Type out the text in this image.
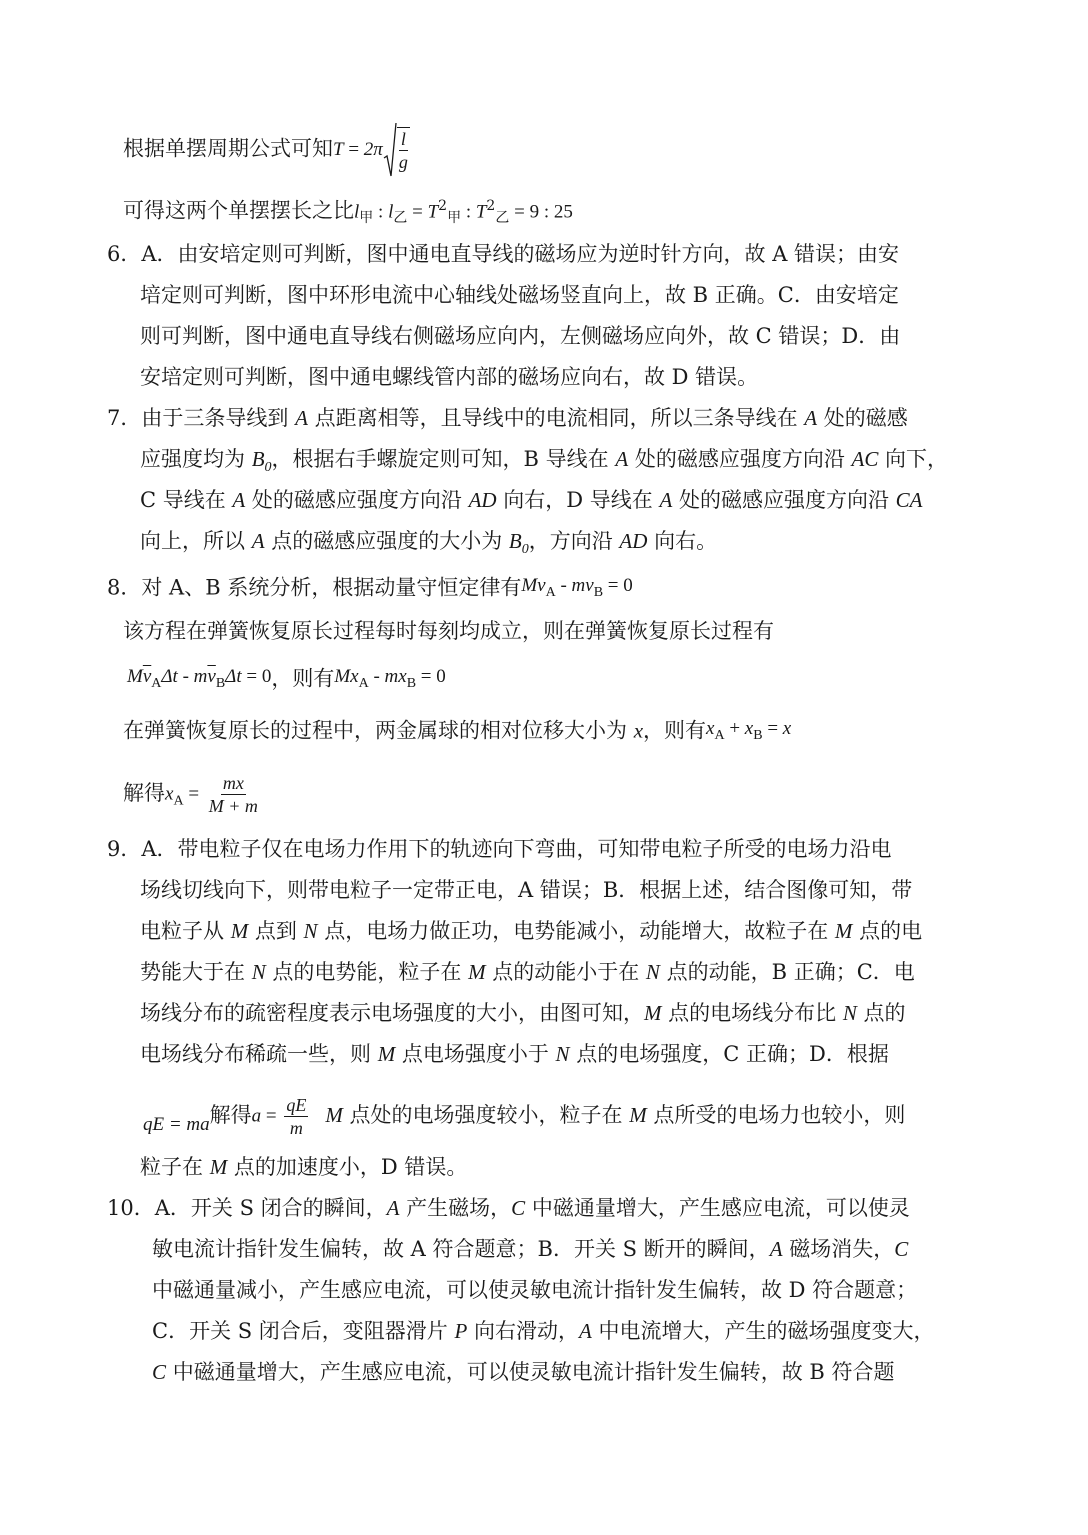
根据单摆周期公式可知$T = 2\pi \frac{l}{g}$
可得这两个单摆摆长之比$l_甲$ : $l_乙 = T^2_甲$ : $T^2_乙 = 9$ : 25
6．A．由安培定则可判断，图中通电直导线的磁场应为逆时针方向，故 A 错误；由安
培定则可判断，图中环形电流中心轴线处磁场竖直向上，故 B 正确。C．由安培定
则可判断，图中通电直导线右侧磁场应向内，左侧磁场应向外，故 C 错误；D．由
安培定则可判断，图中通电螺线管内部的磁场应向右，故 D 错误。
7．由于三条导线到 A 点距离相等，且导线中的电流相同，所以三条导线在 A 处的磁感
应强度均为 $B_0$，根据右手螺旋定则可知，B 导线在 A 处的磁感应强度方向沿 AC 向下，
C 导线在 A 处的磁感应强度方向沿 AD 向右，D 导线在 A 处的磁感应强度方向沿 CA
向上，所以 A 点的磁感应强度的大小为 $B_0$，方向沿 AD 向右。
8．对 A、B 系统分析，根据动量守恒定律有$Mv_A - mv_B = 0$
该方程在弹簧恢复原长过程每时每刻均成立，则在弹簧恢复原长过程有
$M\overline{v}_A\Delta t - m\overline{v}_B\Delta t = 0$，则有$Mx_A - mx_B = 0$
在弹簧恢复原长的过程中，两金属球的相对位移大小为 x，则有$x_A + x_B = x$
解得$x_A = \frac{mx}{M + m}$
9．A．带电粒子仅在电场力作用下的轨迹向下弯曲，可知带电粒子所受的电场力沿电
场线切线向下，则带电粒子一定带正电，A 错误；B．根据上述，结合图像可知，带
电粒子从 M 点到 N 点，电场力做正功，电势能减小，动能增大，故粒子在 M 点的电
势能大于在 N 点的电势能，粒子在 M 点的动能小于在 N 点的动能，B 正确；C．电
场线分布的疏密程度表示电场强度的大小，由图可知，M 点的电场线分布比 N 点的
电场线分布稀疏一些，则 M 点电场强度小于 N 点的电场强度，C 正确；D．根据
qE = ma解得$a = \frac{qE}{m}$ M 点处的电场强度较小，粒子在 M 点所受的电场力也较小，则
粒子在 M 点的加速度小，D 错误。
10．A．开关 S 闭合的瞬间，A 产生磁场，C 中磁通量增大，产生感应电流，可以使灵
敏电流计指针发生偏转，故 A 符合题意；B．开关 S 断开的瞬间，A 磁场消失，C
中磁通量减小，产生感应电流，可以使灵敏电流计指针发生偏转，故 D 符合题意；
C．开关 S 闭合后，变阻器滑片 P 向右滑动，A 中电流增大，产生的磁场强度变大，
C 中磁通量增大，产生感应电流，可以使灵敏电流计指针发生偏转，故 B 符合题
